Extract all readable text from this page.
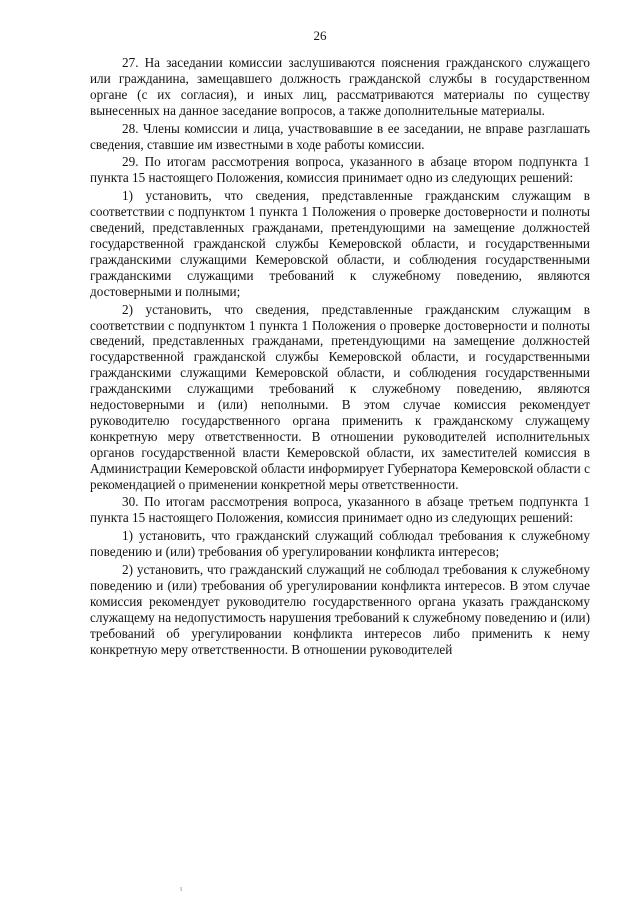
26

27. На заседании комиссии заслушиваются пояснения гражданского служащего или гражданина, замещавшего должность гражданской службы в государственном органе (с их согласия), и иных лиц, рассматриваются материалы по существу вынесенных на данное заседание вопросов, а также дополнительные материалы.

28. Члены комиссии и лица, участвовавшие в ее заседании, не вправе разглашать сведения, ставшие им известными в ходе работы комиссии.

29. По итогам рассмотрения вопроса, указанного в абзаце втором подпункта 1 пункта 15 настоящего Положения, комиссия принимает одно из следующих решений:

1) установить, что сведения, представленные гражданским служащим в соответствии с подпунктом 1 пункта 1 Положения о проверке достоверности и полноты сведений, представленных гражданами, претендующими на замещение должностей государственной гражданской службы Кемеровской области, и государственными гражданскими служащими Кемеровской области, и соблюдения государственными гражданскими служащими требований к служебному поведению, являются достоверными и полными;

2) установить, что сведения, представленные гражданским служащим в соответствии с подпунктом 1 пункта 1 Положения о проверке достоверности и полноты сведений, представленных гражданами, претендующими на замещение должностей государственной гражданской службы Кемеровской области, и государственными гражданскими служащими Кемеровской области, и соблюдения государственными гражданскими служащими требований к служебному поведению, являются недостоверными и (или) неполными. В этом случае комиссия рекомендует руководителю государственного органа применить к гражданскому служащему конкретную меру ответственности. В отношении руководителей исполнительных органов государственной власти Кемеровской области, их заместителей комиссия в Администрации Кемеровской области информирует Губернатора Кемеровской области с рекомендацией о применении конкретной меры ответственности.

30. По итогам рассмотрения вопроса, указанного в абзаце третьем подпункта 1 пункта 15 настоящего Положения, комиссия принимает одно из следующих решений:

1) установить, что гражданский служащий соблюдал требования к служебному поведению и (или) требования об урегулировании конфликта интересов;

2) установить, что гражданский служащий не соблюдал требования к служебному поведению и (или) требования об урегулировании конфликта интересов. В этом случае комиссия рекомендует руководителю государственного органа указать гражданскому служащему на недопустимость нарушения требований к служебному поведению и (или) требований об урегулировании конфликта интересов либо применить к нему конкретную меру ответственности. В отношении руководителей

ι
